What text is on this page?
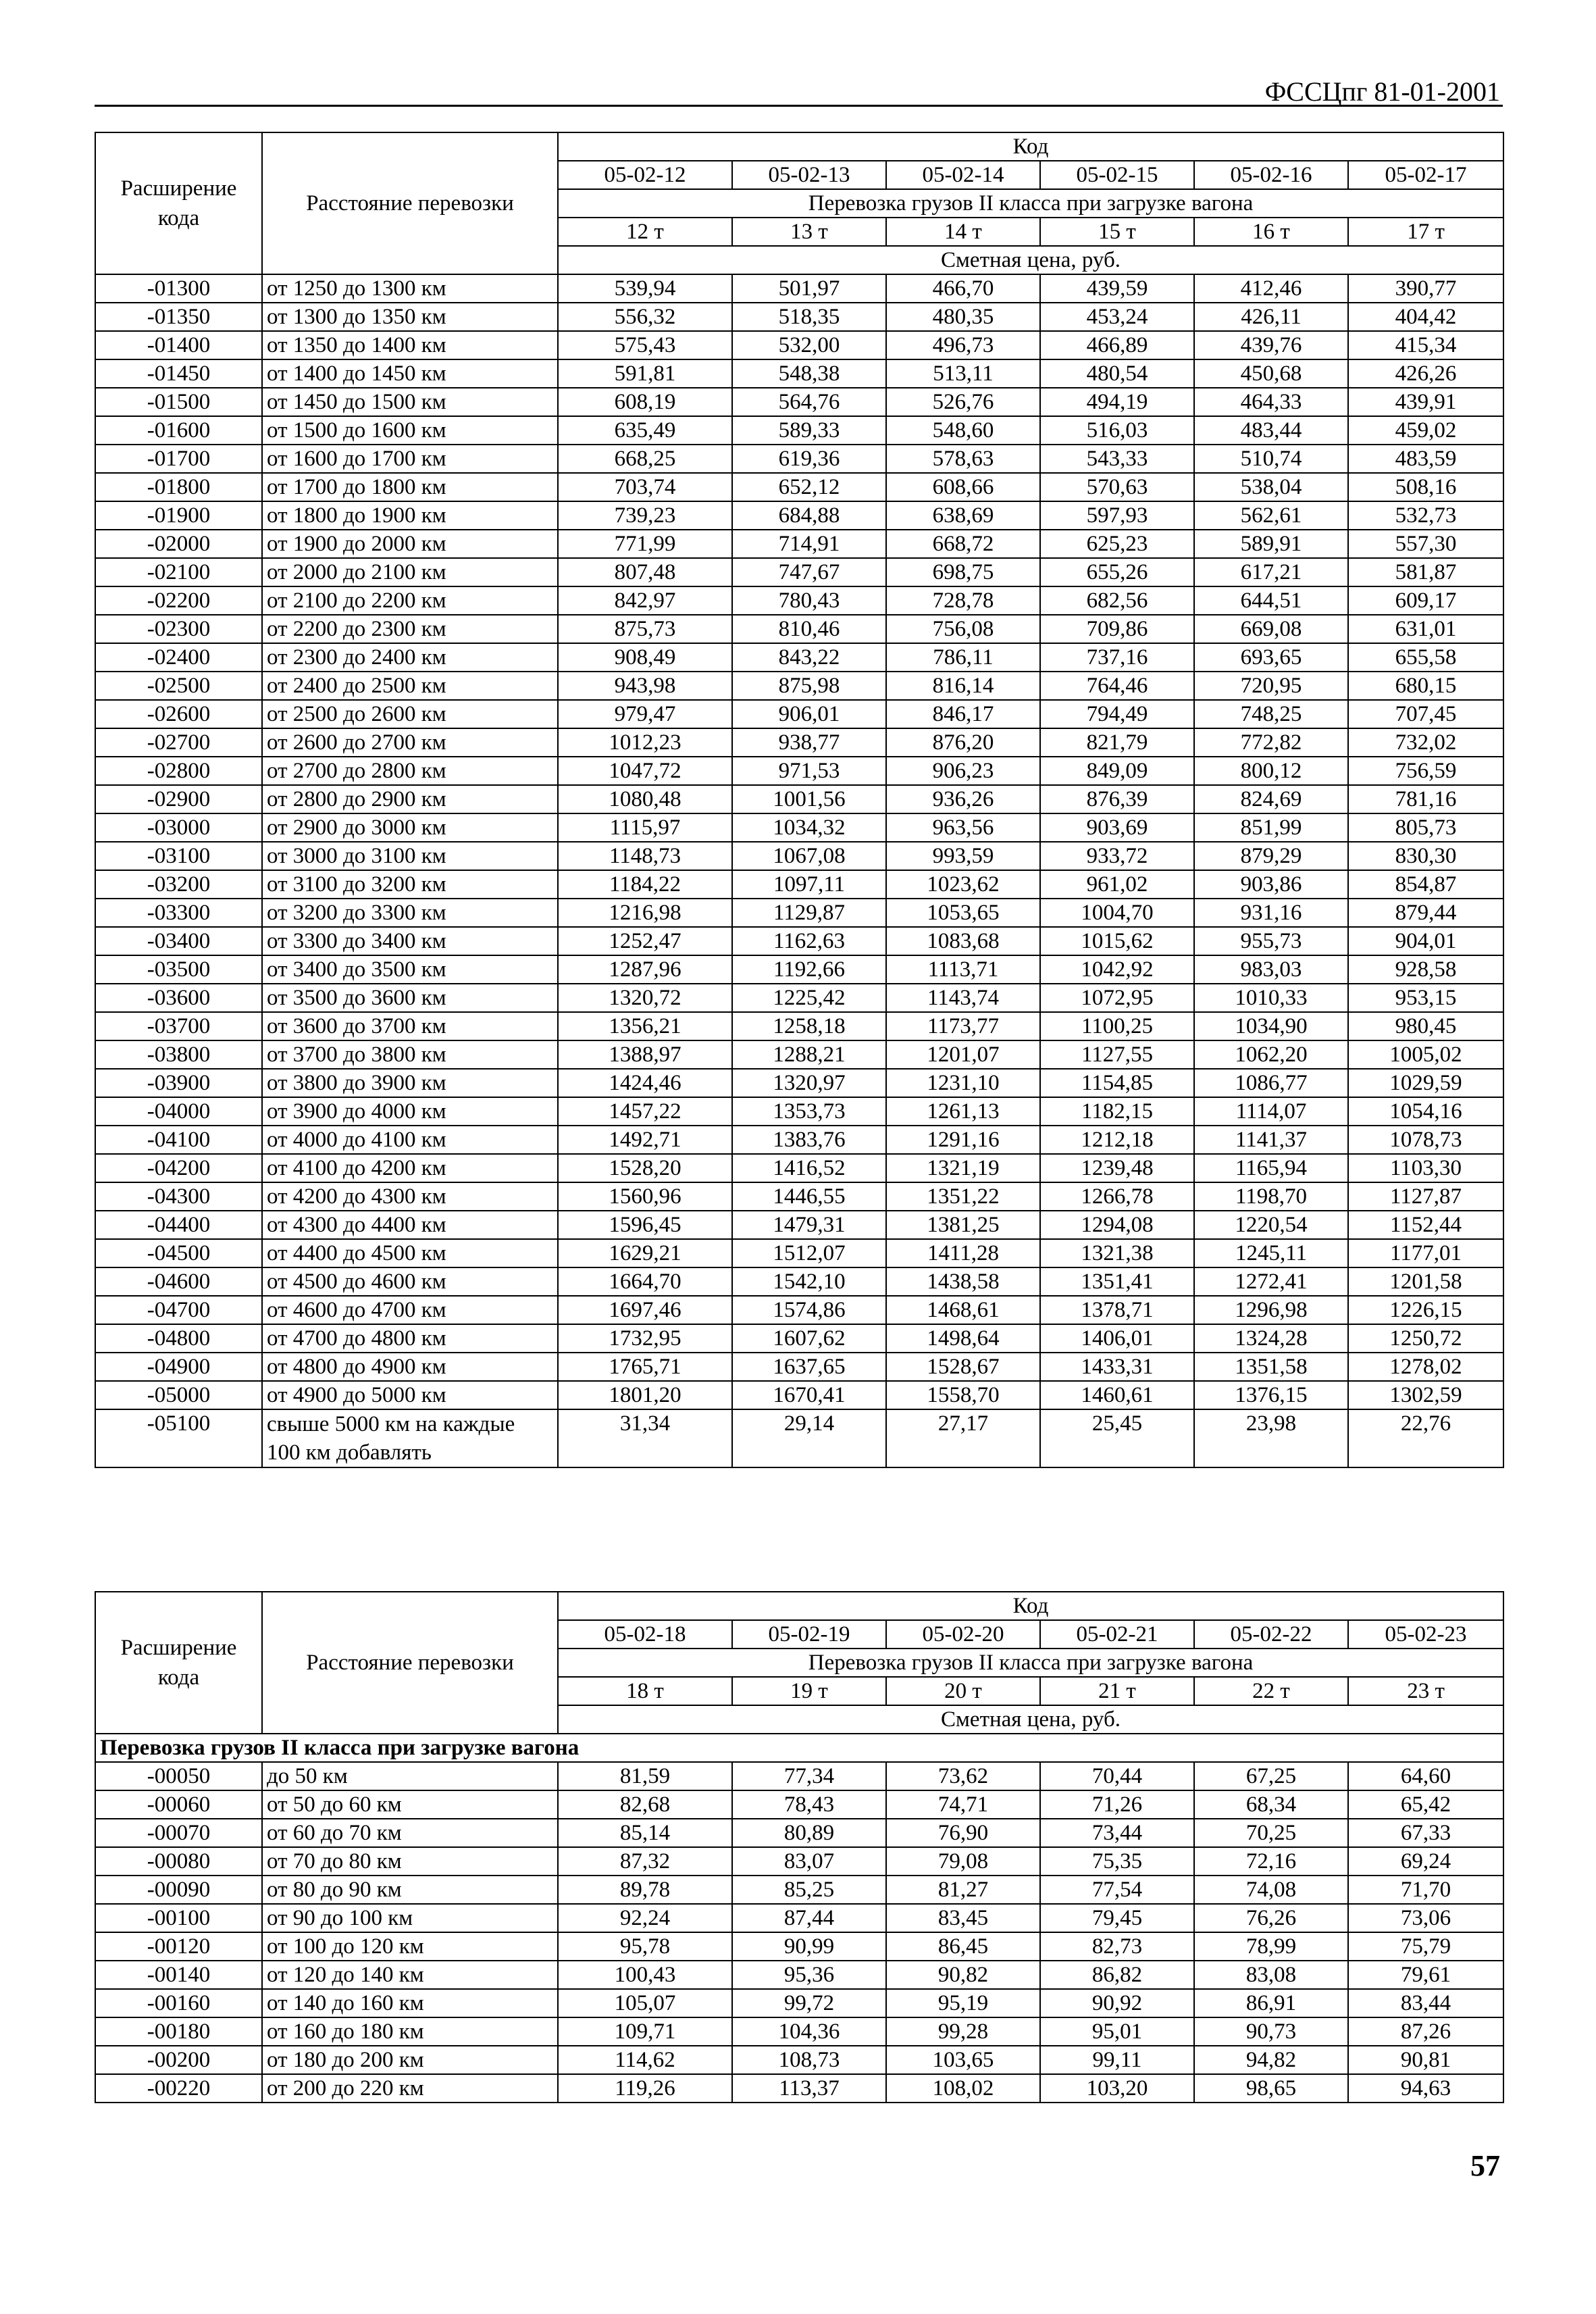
ФССЦпг 81-01-2001
Расширение кода	Расстояние перевозки	Код					
		05-02-12	05-02-13	05-02-14	05-02-15	05-02-16	05-02-17
		Перевозка грузов II класса при загрузке вагона					
		12 т	13 т	14 т	15 т	16 т	17 т
		Сметная цена, руб.					
-01300	от 1250 до 1300 км	539,94	501,97	466,70	439,59	412,46	390,77
-01350	от 1300 до 1350 км	556,32	518,35	480,35	453,24	426,11	404,42
-01400	от 1350 до 1400 км	575,43	532,00	496,73	466,89	439,76	415,34
-01450	от 1400 до 1450 км	591,81	548,38	513,11	480,54	450,68	426,26
-01500	от 1450 до 1500 км	608,19	564,76	526,76	494,19	464,33	439,91
-01600	от 1500 до 1600 км	635,49	589,33	548,60	516,03	483,44	459,02
-01700	от 1600 до 1700 км	668,25	619,36	578,63	543,33	510,74	483,59
-01800	от 1700 до 1800 км	703,74	652,12	608,66	570,63	538,04	508,16
-01900	от 1800 до 1900 км	739,23	684,88	638,69	597,93	562,61	532,73
-02000	от 1900 до 2000 км	771,99	714,91	668,72	625,23	589,91	557,30
-02100	от 2000 до 2100 км	807,48	747,67	698,75	655,26	617,21	581,87
-02200	от 2100 до 2200 км	842,97	780,43	728,78	682,56	644,51	609,17
-02300	от 2200 до 2300 км	875,73	810,46	756,08	709,86	669,08	631,01
-02400	от 2300 до 2400 км	908,49	843,22	786,11	737,16	693,65	655,58
-02500	от 2400 до 2500 км	943,98	875,98	816,14	764,46	720,95	680,15
-02600	от 2500 до 2600 км	979,47	906,01	846,17	794,49	748,25	707,45
-02700	от 2600 до 2700 км	1012,23	938,77	876,20	821,79	772,82	732,02
-02800	от 2700 до 2800 км	1047,72	971,53	906,23	849,09	800,12	756,59
-02900	от 2800 до 2900 км	1080,48	1001,56	936,26	876,39	824,69	781,16
-03000	от 2900 до 3000 км	1115,97	1034,32	963,56	903,69	851,99	805,73
-03100	от 3000 до 3100 км	1148,73	1067,08	993,59	933,72	879,29	830,30
-03200	от 3100 до 3200 км	1184,22	1097,11	1023,62	961,02	903,86	854,87
-03300	от 3200 до 3300 км	1216,98	1129,87	1053,65	1004,70	931,16	879,44
-03400	от 3300 до 3400 км	1252,47	1162,63	1083,68	1015,62	955,73	904,01
-03500	от 3400 до 3500 км	1287,96	1192,66	1113,71	1042,92	983,03	928,58
-03600	от 3500 до 3600 км	1320,72	1225,42	1143,74	1072,95	1010,33	953,15
-03700	от 3600 до 3700 км	1356,21	1258,18	1173,77	1100,25	1034,90	980,45
-03800	от 3700 до 3800 км	1388,97	1288,21	1201,07	1127,55	1062,20	1005,02
-03900	от 3800 до 3900 км	1424,46	1320,97	1231,10	1154,85	1086,77	1029,59
-04000	от 3900 до 4000 км	1457,22	1353,73	1261,13	1182,15	1114,07	1054,16
-04100	от 4000 до 4100 км	1492,71	1383,76	1291,16	1212,18	1141,37	1078,73
-04200	от 4100 до 4200 км	1528,20	1416,52	1321,19	1239,48	1165,94	1103,30
-04300	от 4200 до 4300 км	1560,96	1446,55	1351,22	1266,78	1198,70	1127,87
-04400	от 4300 до 4400 км	1596,45	1479,31	1381,25	1294,08	1220,54	1152,44
-04500	от 4400 до 4500 км	1629,21	1512,07	1411,28	1321,38	1245,11	1177,01
-04600	от 4500 до 4600 км	1664,70	1542,10	1438,58	1351,41	1272,41	1201,58
-04700	от 4600 до 4700 км	1697,46	1574,86	1468,61	1378,71	1296,98	1226,15
-04800	от 4700 до 4800 км	1732,95	1607,62	1498,64	1406,01	1324,28	1250,72
-04900	от 4800 до 4900 км	1765,71	1637,65	1528,67	1433,31	1351,58	1278,02
-05000	от 4900 до 5000 км	1801,20	1670,41	1558,70	1460,61	1376,15	1302,59
-05100	свыше 5000 км на каждые 100 км добавлять	31,34	29,14	27,17	25,45	23,98	22,76
Расширение кода	Расстояние перевозки	Код					
		05-02-18	05-02-19	05-02-20	05-02-21	05-02-22	05-02-23
		Перевозка грузов II класса при загрузке вагона					
		18 т	19 т	20 т	21 т	22 т	23 т
		Сметная цена, руб.					
Перевозка грузов II класса при загрузке вагона							
-00050	до 50 км	81,59	77,34	73,62	70,44	67,25	64,60
-00060	от 50 до 60 км	82,68	78,43	74,71	71,26	68,34	65,42
-00070	от 60 до 70 км	85,14	80,89	76,90	73,44	70,25	67,33
-00080	от 70 до 80 км	87,32	83,07	79,08	75,35	72,16	69,24
-00090	от 80 до 90 км	89,78	85,25	81,27	77,54	74,08	71,70
-00100	от 90 до 100 км	92,24	87,44	83,45	79,45	76,26	73,06
-00120	от 100 до 120 км	95,78	90,99	86,45	82,73	78,99	75,79
-00140	от 120 до 140 км	100,43	95,36	90,82	86,82	83,08	79,61
-00160	от 140 до 160 км	105,07	99,72	95,19	90,92	86,91	83,44
-00180	от 160 до 180 км	109,71	104,36	99,28	95,01	90,73	87,26
-00200	от 180 до 200 км	114,62	108,73	103,65	99,11	94,82	90,81
-00220	от 200 до 220 км	119,26	113,37	108,02	103,20	98,65	94,63
57
